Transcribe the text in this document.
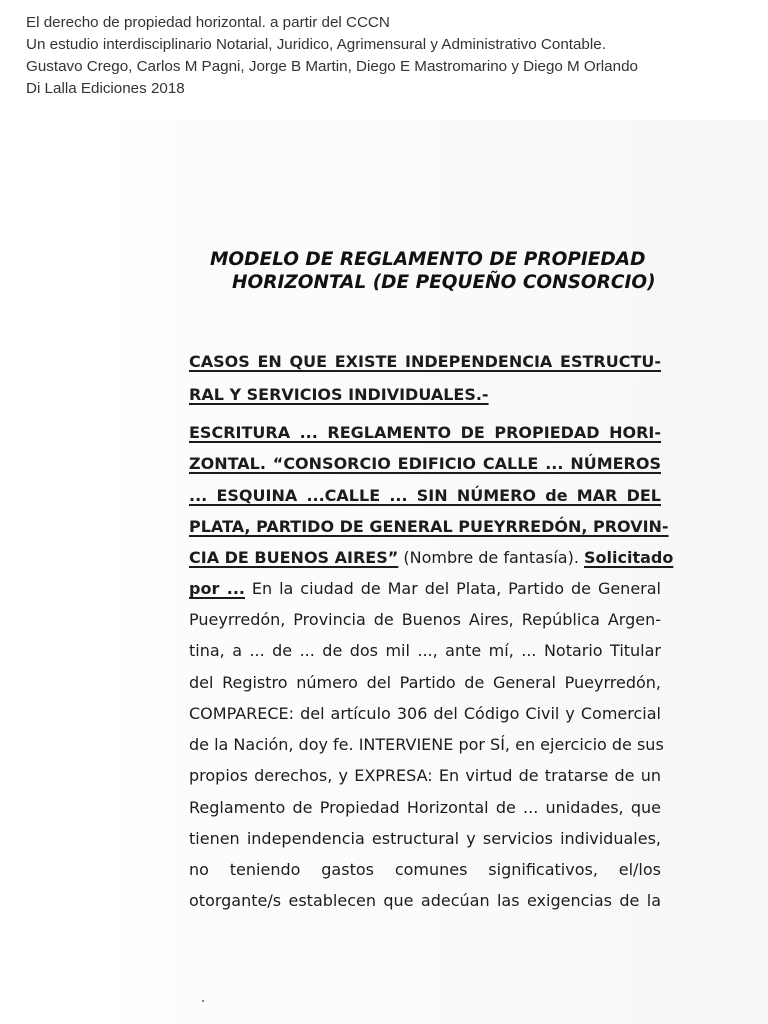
El derecho de propiedad horizontal. a partir del CCCN
Un estudio interdisciplinario Notarial, Juridico, Agrimensural y Administrativo Contable.
Gustavo Crego, Carlos M Pagni, Jorge B Martin, Diego E Mastromarino y Diego M Orlando
Di Lalla Ediciones 2018
MODELO DE REGLAMENTO DE PROPIEDAD
HORIZONTAL (DE PEQUEÑO CONSORCIO)
CASOS EN QUE EXISTE INDEPENDENCIA ESTRUCTU-
RAL Y SERVICIOS INDIVIDUALES.-
ESCRITURA ... REGLAMENTO DE PROPIEDAD HORI-
ZONTAL. “CONSORCIO EDIFICIO CALLE ... NÚMEROS
... ESQUINA ...CALLE ... SIN NÚMERO de MAR DEL
PLATA, PARTIDO DE GENERAL PUEYRREDÓN, PROVIN-
CIA DE BUENOS AIRES” (Nombre de fantasía). Solicitado
por ... En la ciudad de Mar del Plata, Partido de General
Pueyrredón, Provincia de Buenos Aires, República Argen-
tina, a ... de ... de dos mil ..., ante mí, ... Notario Titular
del Registro número del Partido de General Pueyrredón,
COMPARECE: del artículo 306 del Código Civil y Comercial
de la Nación, doy fe. INTERVIENE por SÍ, en ejercicio de sus
propios derechos, y EXPRESA: En virtud de tratarse de un
Reglamento de Propiedad Horizontal de ... unidades, que
tienen independencia estructural y servicios individuales,
no teniendo gastos comunes significativos, el/los
otorgante/s establecen que adecúan las exigencias de la
